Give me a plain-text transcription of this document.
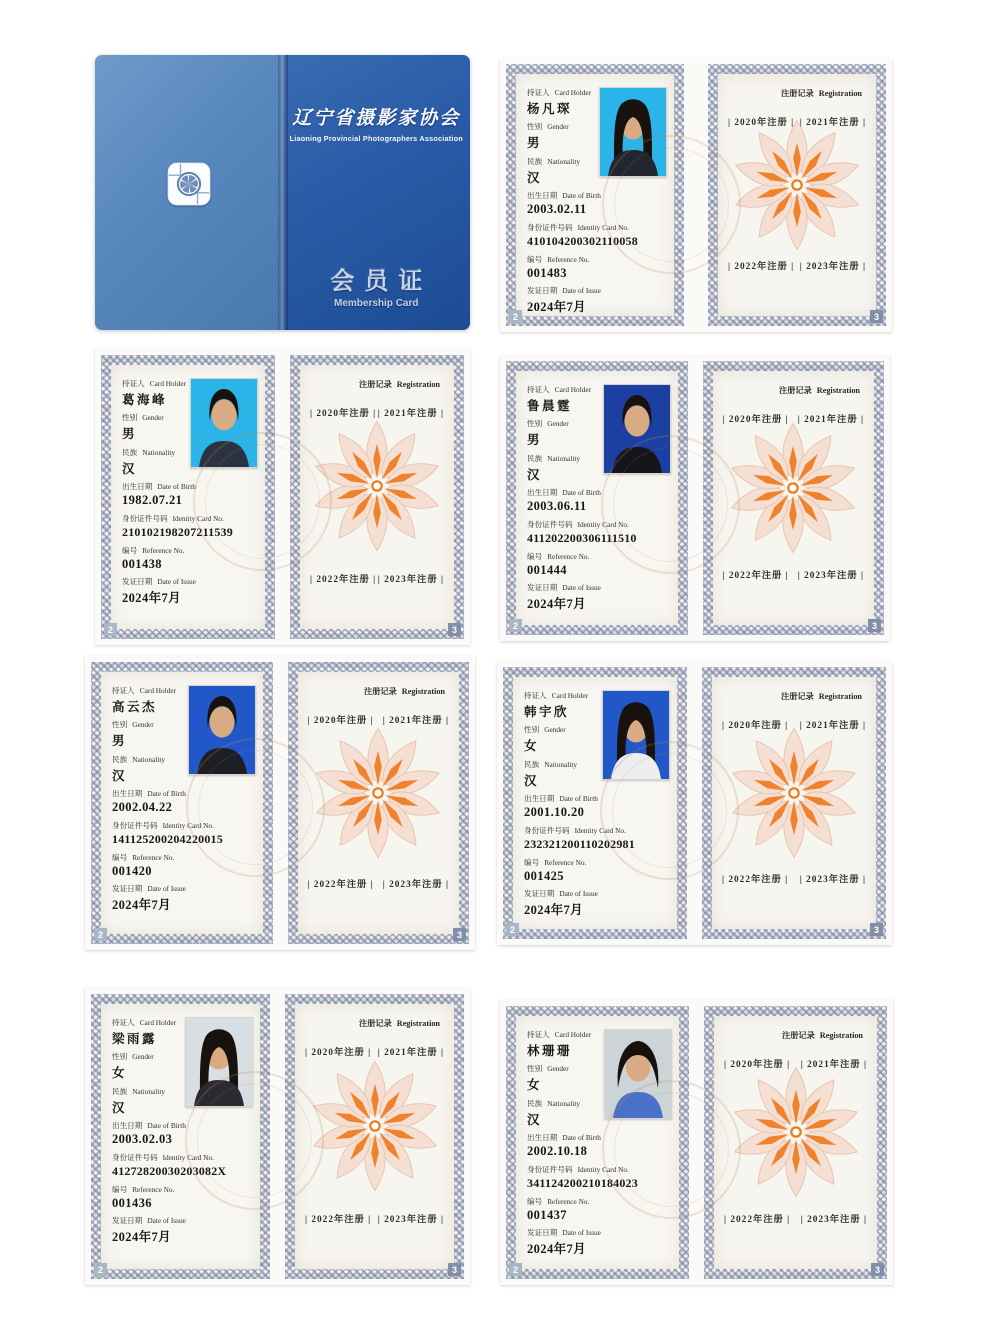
辽宁省摄影家协会
Liaoning Provincial Photographers Association
会员证
Membership Card
持证人 Card Holder
杨凡琛
性别 Gender
男
民族 Nationality
汉
出生日期 Date of Birth
2003.02.11
身份证件号码 Identity Card No.
410104200302110058
编号 Reference No.
001483
发证日期 Date of Issue
2024年7月
2
注册记录 Registration
| 2020年注册 | | 2021年注册 |
| 2022年注册 | | 2023年注册 |
3
持证人 Card Holder
葛海峰
性别 Gender
男
民族 Nationality
汉
出生日期 Date of Birth
1982.07.21
身份证件号码 Identity Card No.
210102198207211539
编号 Reference No.
001438
发证日期 Date of Issue
2024年7月
2
注册记录 Registration
| 2020年注册 | | 2021年注册 |
| 2022年注册 | | 2023年注册 |
3
持证人 Card Holder
鲁晨霆
性别 Gender
男
民族 Nationality
汉
出生日期 Date of Birth
2003.06.11
身份证件号码 Identity Card No.
411202200306111510
编号 Reference No.
001444
发证日期 Date of Issue
2024年7月
2
注册记录 Registration
| 2020年注册 | | 2021年注册 |
| 2022年注册 | | 2023年注册 |
3
持证人 Card Holder
高云杰
性别 Gender
男
民族 Nationality
汉
出生日期 Date of Birth
2002.04.22
身份证件号码 Identity Card No.
141125200204220015
编号 Reference No.
001420
发证日期 Date of Issue
2024年7月
2
注册记录 Registration
| 2020年注册 | | 2021年注册 |
| 2022年注册 | | 2023年注册 |
3
持证人 Card Holder
韩宇欣
性别 Gender
女
民族 Nationality
汉
出生日期 Date of Birth
2001.10.20
身份证件号码 Identity Card No.
232321200110202981
编号 Reference No.
001425
发证日期 Date of Issue
2024年7月
2
注册记录 Registration
| 2020年注册 | | 2021年注册 |
| 2022年注册 | | 2023年注册 |
3
持证人 Card Holder
梁雨露
性别 Gender
女
民族 Nationality
汉
出生日期 Date of Birth
2003.02.03
身份证件号码 Identity Card No.
41272820030203082X
编号 Reference No.
001436
发证日期 Date of Issue
2024年7月
2
注册记录 Registration
| 2020年注册 | | 2021年注册 |
| 2022年注册 | | 2023年注册 |
3
持证人 Card Holder
林珊珊
性别 Gender
女
民族 Nationality
汉
出生日期 Date of Birth
2002.10.18
身份证件号码 Identity Card No.
341124200210184023
编号 Reference No.
001437
发证日期 Date of Issue
2024年7月
2
注册记录 Registration
| 2020年注册 | | 2021年注册 |
| 2022年注册 | | 2023年注册 |
3
